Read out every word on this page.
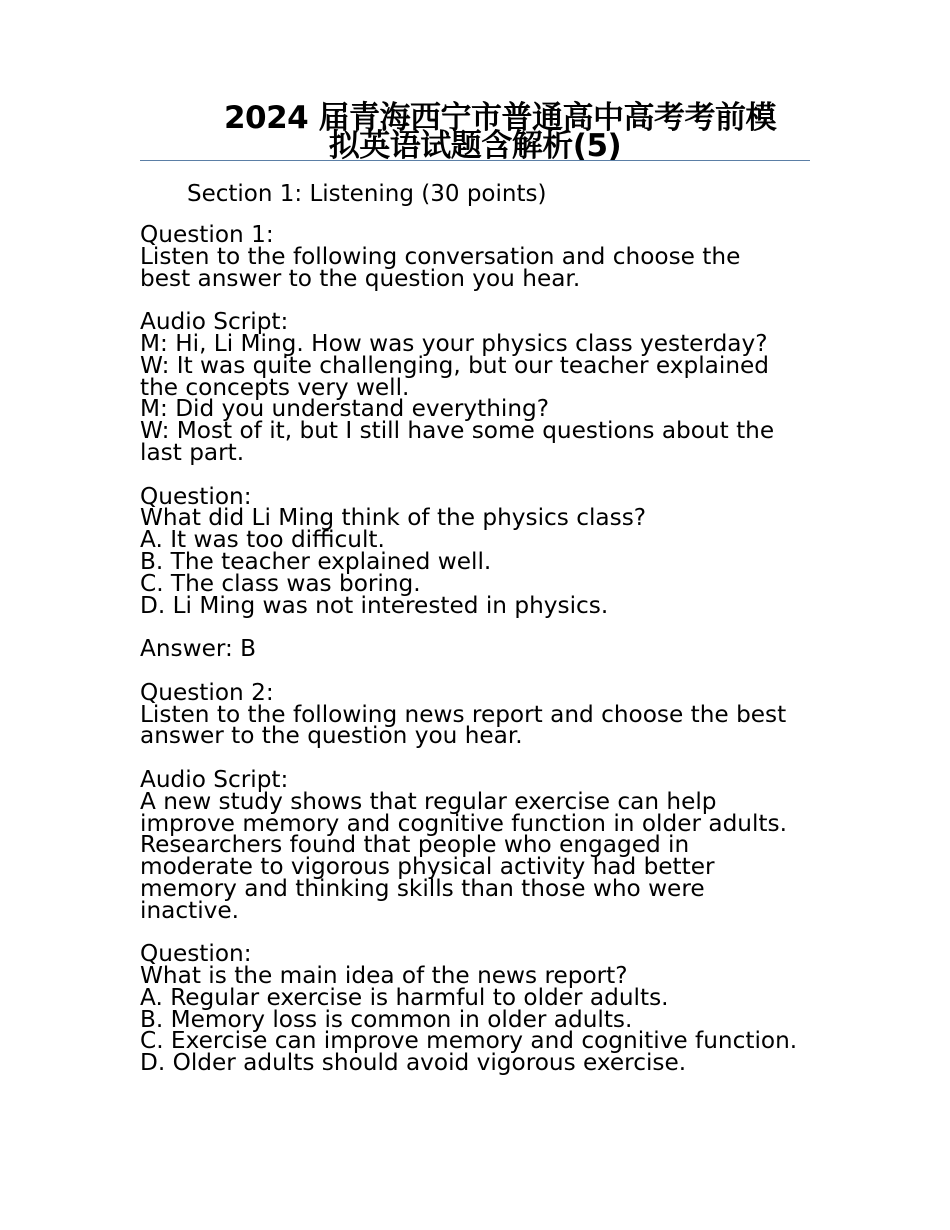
2024 届青海西宁市普通高中高考考前模
拟英语试题含解析(5)
Section 1: Listening (30 points)
Question 1:
Listen to the following conversation and choose the
best answer to the question you hear.
Audio Script:
M: Hi, Li Ming. How was your physics class yesterday?
W: It was quite challenging, but our teacher explained
the concepts very well.
M: Did you understand everything?
W: Most of it, but I still have some questions about the
last part.
Question:
What did Li Ming think of the physics class?
A. It was too difficult.
B. The teacher explained well.
C. The class was boring.
D. Li Ming was not interested in physics.
Answer: B
Question 2:
Listen to the following news report and choose the best
answer to the question you hear.
Audio Script:
A new study shows that regular exercise can help
improve memory and cognitive function in older adults.
Researchers found that people who engaged in
moderate to vigorous physical activity had better
memory and thinking skills than those who were
inactive.
Question:
What is the main idea of the news report?
A. Regular exercise is harmful to older adults.
B. Memory loss is common in older adults.
C. Exercise can improve memory and cognitive function.
D. Older adults should avoid vigorous exercise.
